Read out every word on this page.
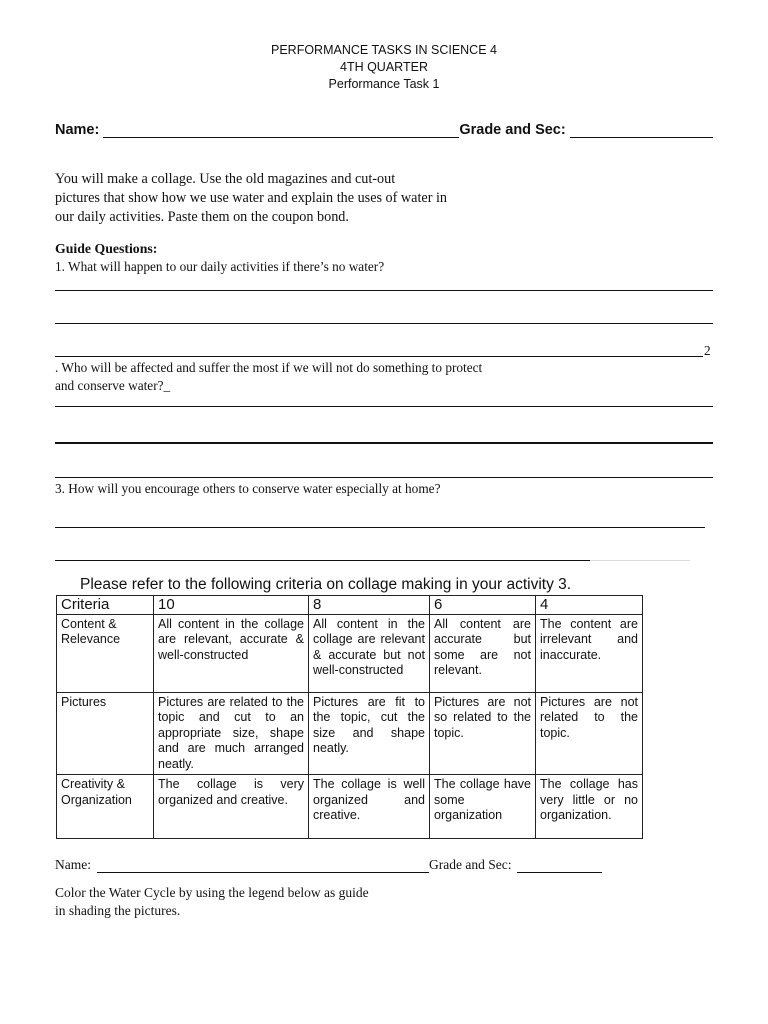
PERFORMANCE TASKS IN SCIENCE 4
4TH QUARTER
Performance Task 1
Name:	Grade and Sec:
You will make a collage. Use the old magazines and cut-out
pictures that show how we use water and explain the uses of water in
our daily activities. Paste them on the coupon bond.
Guide Questions:
1. What will happen to our daily activities if there’s no water?
2
. Who will be affected and suffer the most if we will not do something to protect
and conserve water?_
3. How will you encourage others to conserve water especially at home?
Please refer to the following criteria on collage making in your activity 3.
Criteria	10	8	6	4
Content & Relevance	All content in the collage are relevant, accurate & well-constructed	All content in the collage are relevant & accurate but not well-constructed	All content are accurate but some are not relevant.	The content are irrelevant and inaccurate.
Pictures	Pictures are related to the topic and cut to an appropriate size, shape and are much arranged neatly.	Pictures are fit to the topic, cut the size and shape neatly.	Pictures are not so related to the topic.	Pictures are not related to the topic.
Creativity & Organization	The collage is very organized and creative.	The collage is well organized and creative.	The collage have some organization	The collage has very little or no organization.
Name:	Grade and Sec:
Color the Water Cycle by using the legend below as guide
in shading the pictures.
